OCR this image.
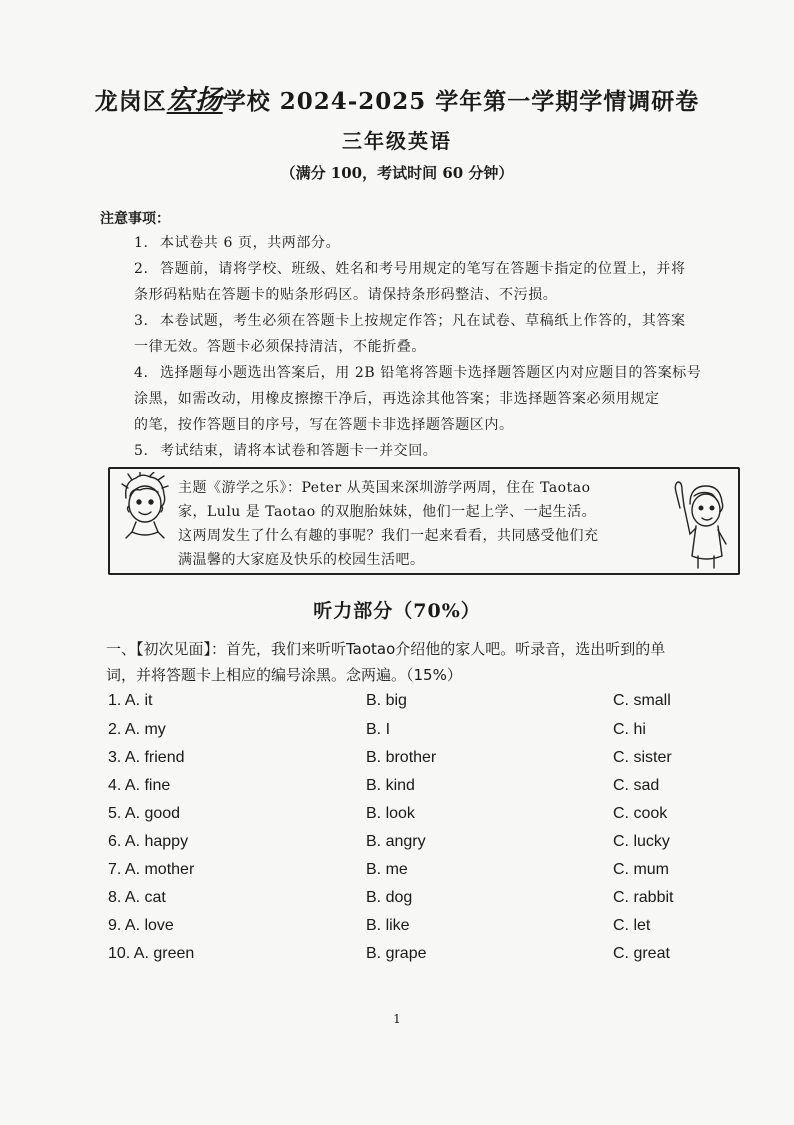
龙岗区宏扬学校 2024-2025 学年第一学期学情调研卷
三年级英语
（满分 100，考试时间 60 分钟）
注意事项：
1. 本试卷共 6 页，共两部分。
2. 答题前，请将学校、班级、姓名和考号用规定的笔写在答题卡指定的位置上，并将
条形码粘贴在答题卡的贴条形码区。请保持条形码整洁、不污损。
3. 本卷试题，考生必须在答题卡上按规定作答；凡在试卷、草稿纸上作答的，其答案
一律无效。答题卡必须保持清洁，不能折叠。
4. 选择题每小题选出答案后，用 2B 铅笔将答题卡选择题答题区内对应题目的答案标号
涂黑，如需改动，用橡皮擦擦干净后，再选涂其他答案；非选择题答案必须用规定
的笔，按作答题目的序号，写在答题卡非选择题答题区内。
5. 考试结束，请将本试卷和答题卡一并交回。
主题《游学之乐》：Peter 从英国来深圳游学两周，住在 Taotao
家，Lulu 是 Taotao 的双胞胎妹妹，他们一起上学、一起生活。
这两周发生了什么有趣的事呢？我们一起来看看，共同感受他们充
满温馨的大家庭及快乐的校园生活吧。
听力部分（70%）
一、【初次见面】：首先，我们来听听Taotao介绍他的家人吧。听录音，选出听到的单
词，并将答题卡上相应的编号涂黑。念两遍。（15%）
1. A. it	B. big	C. small
2. A. my	B. I	C. hi
3. A. friend	B. brother	C. sister
4. A. fine	B. kind	C. sad
5. A. good	B. look	C. cook
6. A. happy	B. angry	C. lucky
7. A. mother	B. me	C. mum
8. A. cat	B. dog	C. rabbit
9. A. love	B. like	C. let
10. A. green	B. grape	C. great
1
